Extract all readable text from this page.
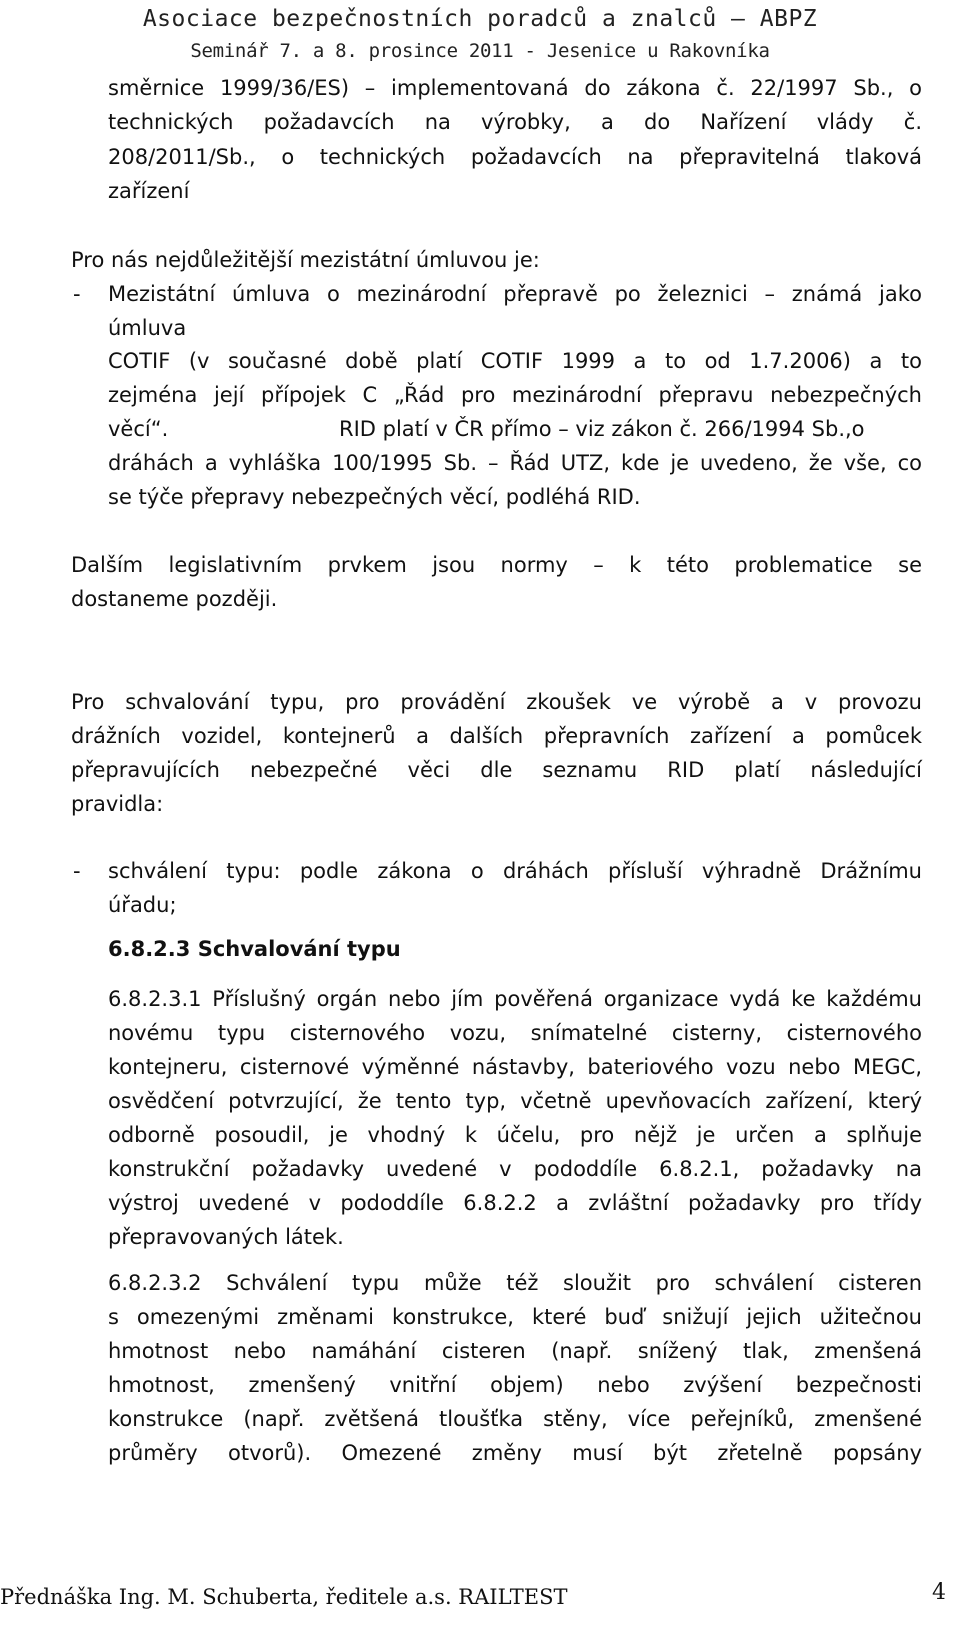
Asociace bezpečnostních poradců a znalců – ABPZ
Seminář 7. a 8. prosince 2011 - Jesenice u Rakovníka
směrnice 1999/36/ES) – implementovaná do zákona č. 22/1997 Sb., o
technických požadavcích na výrobky, a do Nařízení vlády č.
208/2011/Sb., o technických požadavcích na přepravitelná tlaková
zařízení
Pro nás nejdůležitější mezistátní úmluvou je:
- Mezistátní úmluva o mezinárodní přepravě po železnici – známá jako
úmluva
COTIF (v současné době platí COTIF 1999 a to od 1.7.2006) a to
zejména její přípojek C „Řád pro mezinárodní přepravu nebezpečných
věcí“.	RID platí v ČR přímo – viz zákon č. 266/1994 Sb.,o
dráhách a vyhláška 100/1995 Sb. – Řád UTZ, kde je uvedeno, že vše, co
se týče přepravy nebezpečných věcí, podléhá RID.
Dalším legislativním prvkem jsou normy – k této problematice se
dostaneme později.
Pro schvalování typu, pro provádění zkoušek ve výrobě a v provozu
drážních vozidel, kontejnerů a dalších přepravních zařízení a pomůcek
přepravujících nebezpečné věci dle seznamu RID platí následující
pravidla:
- schválení typu: podle zákona o dráhách přísluší výhradně Drážnímu
úřadu;
6.8.2.3 Schvalování typu
6.8.2.3.1 Příslušný orgán nebo jím pověřená organizace vydá ke každému
novému typu cisternového vozu, snímatelné cisterny, cisternového
kontejneru, cisternové výměnné nástavby, bateriového vozu nebo MEGC,
osvědčení potvrzující, že tento typ, včetně upevňovacích zařízení, který
odborně posoudil, je vhodný k účelu, pro nějž je určen a splňuje
konstrukční požadavky uvedené v pododdíle 6.8.2.1, požadavky na
výstroj uvedené v pododdíle 6.8.2.2 a zvláštní požadavky pro třídy
přepravovaných látek.
6.8.2.3.2 Schválení typu může též sloužit pro schválení cisteren
s omezenými změnami konstrukce, které buď snižují jejich užitečnou
hmotnost nebo namáhání cisteren (např. snížený tlak, zmenšená
hmotnost, zmenšený vnitřní objem) nebo zvýšení bezpečnosti
konstrukce (např. zvětšená tloušťka stěny, více peřejníků, zmenšené
průměry otvorů). Omezené změny musí být zřetelně popsány
Přednáška Ing. M. Schuberta, ředitele a.s. RAILTEST	4
